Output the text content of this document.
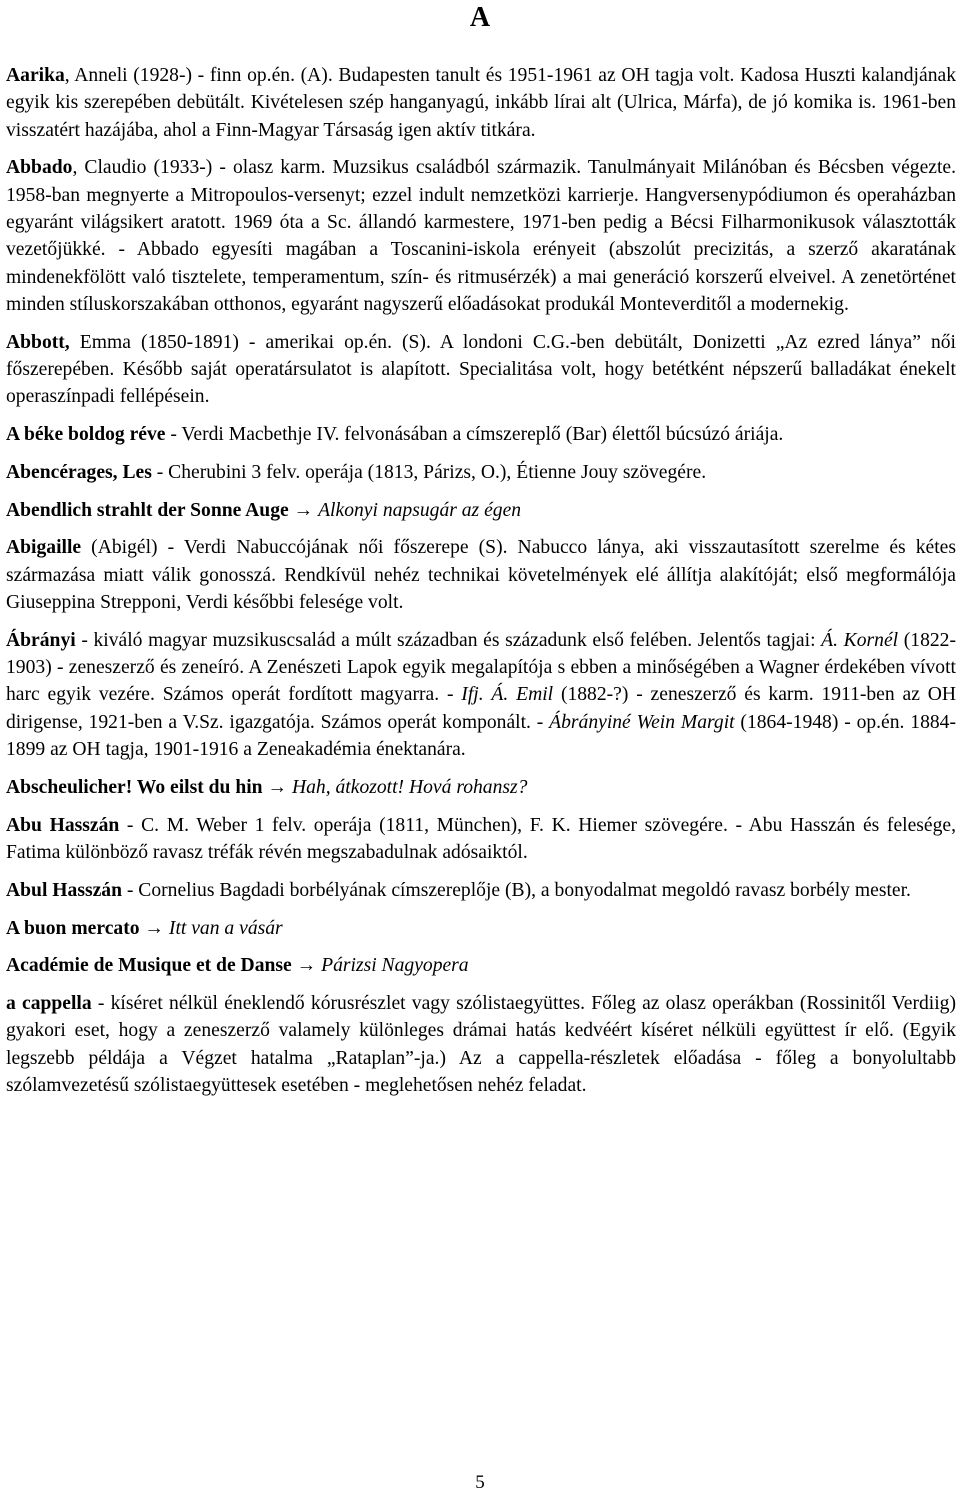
A

Aarika, Anneli (1928-) - finn op.én. (A). Budapesten tanult és 1951-1961 az OH tagja volt. Kadosa Huszti kalandjának egyik kis szerepében debütált. Kivételesen szép hanganyagú, inkább lírai alt (Ulrica, Márfa), de jó komika is. 1961-ben visszatért hazájába, ahol a Finn-Magyar Társaság igen aktív titkára.

Abbado, Claudio (1933-) - olasz karm. Muzsikus családból származik. Tanulmányait Milánóban és Bécsben végezte. 1958-ban megnyerte a Mitropoulos-versenyt; ezzel indult nemzetközi karrierje. Hangversenypódiumon és operaházban egyaránt világsikert aratott. 1969 óta a Sc. állandó karmestere, 1971-ben pedig a Bécsi Filharmonikusok választották vezetőjükké. - Abbado egyesíti magában a Toscanini-iskola erényeit (abszolút precizitás, a szerző akaratának mindenekfölött való tisztelete, temperamentum, szín- és ritmusérzék) a mai generáció korszerű elveivel. A zenetörténet minden stíluskorszakában otthonos, egyaránt nagyszerű előadásokat produkál Monteverditől a modernekig.

Abbott, Emma (1850-1891) - amerikai op.én. (S). A londoni C.G.-ben debütált, Donizetti „Az ezred lánya” női főszerepében. Később saját operatársulatot is alapított. Specialitása volt, hogy betétként népszerű balladákat énekelt operaszínpadi fellépésein.

A béke boldog réve - Verdi Macbethje IV. felvonásában a címszereplő (Bar) élettől búcsúzó áriája.

Abencérages, Les - Cherubini 3 felv. operája (1813, Párizs, O.), Étienne Jouy szövegére.

Abendlich strahlt der Sonne Auge → Alkonyi napsugár az égen

Abigaille (Abigél) - Verdi Nabuccójának női főszerepe (S). Nabucco lánya, aki visszautasított szerelme és kétes származása miatt válik gonosszá. Rendkívül nehéz technikai követelmények elé állítja alakítóját; első megformálója Giuseppina Strepponi, Verdi későbbi felesége volt.

Ábrányi - kiváló magyar muzsikuscsalád a múlt században és századunk első felében. Jelentős tagjai: Á. Kornél (1822-1903) - zeneszerző és zeneíró. A Zenészeti Lapok egyik megalapítója s ebben a minőségében a Wagner érdekében vívott harc egyik vezére. Számos operát fordított magyarra. - Ifj. Á. Emil (1882-?) - zeneszerző és karm. 1911-ben az OH dirigense, 1921-ben a V.Sz. igazgatója. Számos operát komponált. - Ábrányiné Wein Margit (1864-1948) - op.én. 1884-1899 az OH tagja, 1901-1916 a Zeneakadémia énektanára.

Abscheulicher! Wo eilst du hin → Hah, átkozott! Hová rohansz?

Abu Hasszán - C. M. Weber 1 felv. operája (1811, München), F. K. Hiemer szövegére. - Abu Hasszán és felesége, Fatima különböző ravasz tréfák révén megszabadulnak adósaiktól.

Abul Hasszán - Cornelius Bagdadi borbélyának címszereplője (B), a bonyodalmat megoldó ravasz borbély mester.

A buon mercato → Itt van a vásár

Académie de Musique et de Danse → Párizsi Nagyopera

a cappella - kíséret nélkül éneklendő kórusrészlet vagy szólistaegyüttes. Főleg az olasz operákban (Rossinitől Verdiig) gyakori eset, hogy a zeneszerző valamely különleges drámai hatás kedvéért kíséret nélküli együttest ír elő. (Egyik legszebb példája a Végzet hatalma „Rataplan”-ja.) Az a cappella-részletek előadása - főleg a bonyolultabb szólamvezetésű szólistaegyüttesek esetében - meglehetősen nehéz feladat.

5
